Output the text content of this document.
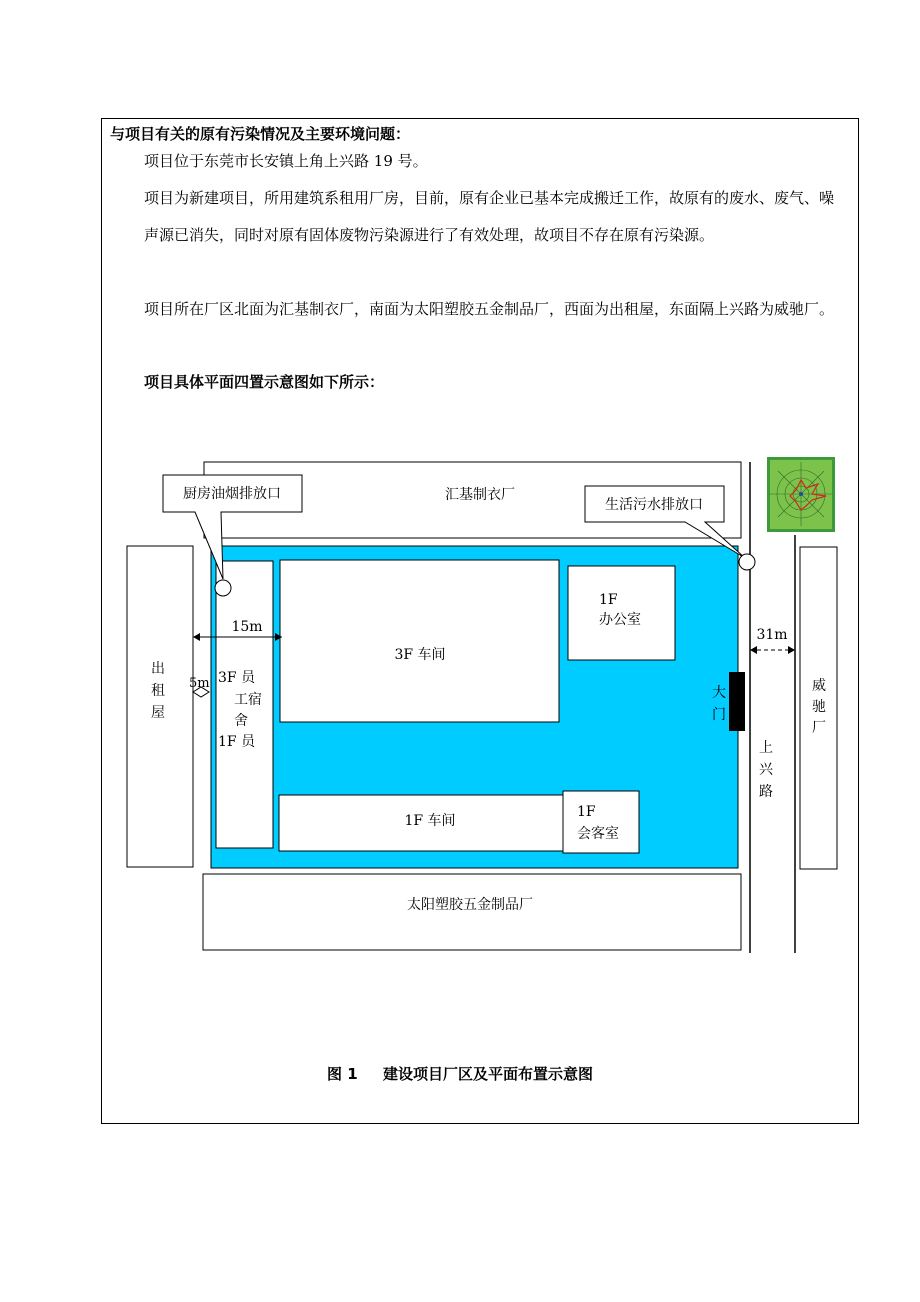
与项目有关的原有污染情况及主要环境问题：
项目位于东莞市长安镇上角上兴路 19 号。
项目为新建项目，所用建筑系租用厂房，目前，原有企业已基本完成搬迁工作，故原有的废水、废气、噪声源已消失，同时对原有固体废物污染源进行了有效处理，故项目不存在原有污染源。
项目所在厂区北面为汇基制衣厂，南面为太阳塑胶五金制品厂，西面为出租屋，东面隔上兴路为威驰厂。
项目具体平面四置示意图如下所示：
汇基制衣厂
3F 员
工宿
舍
1F 员
3F 车间
1F
办公室
1F 车间
1F
会客室
出
租
屋
威
驰
厂
太阳塑胶五金制品厂
上
兴
路
大
门
15m
5m
31m
厨房油烟排放口
生活污水排放口
图 1 建设项目厂区及平面布置示意图
